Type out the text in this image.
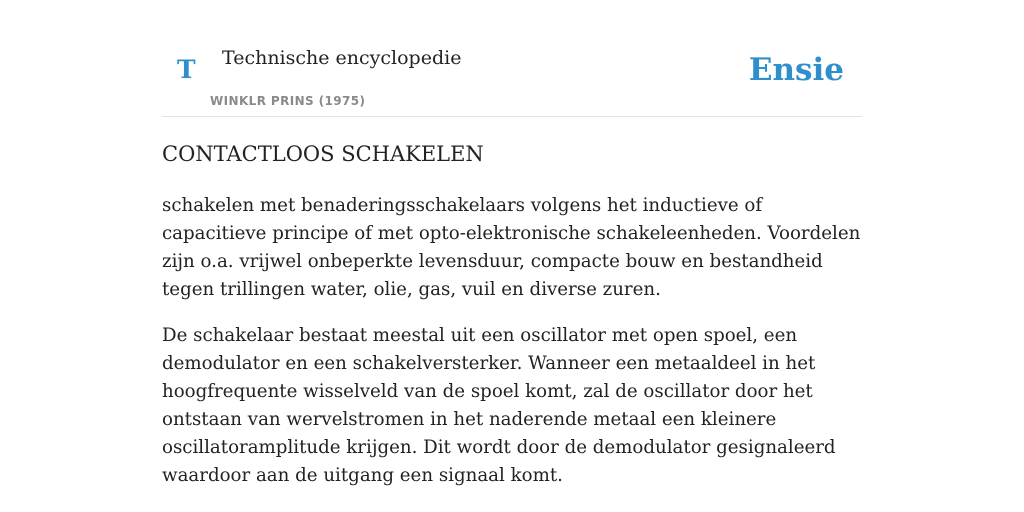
T Technische encyclopedie
WINKLR PRINS (1975)
Ensie
CONTACTLOOS SCHAKELEN

schakelen met benaderingsschakelaars volgens het inductieve of capacitieve principe of met opto-elektronische schakeleenheden. Voordelen zijn o.a. vrijwel onbeperkte levensduur, compacte bouw en bestandheid tegen trillingen water, olie, gas, vuil en diverse zuren.

De schakelaar bestaat meestal uit een oscillator met open spoel, een demodulator en een schakelversterker. Wanneer een metaaldeel in het hoogfrequente wisselveld van de spoel komt, zal de oscillator door het ontstaan van wervelstromen in het naderende metaal een kleinere oscillatoramplitude krijgen. Dit wordt door de demodulator gesignaleerd waardoor aan de uitgang een signaal komt.
